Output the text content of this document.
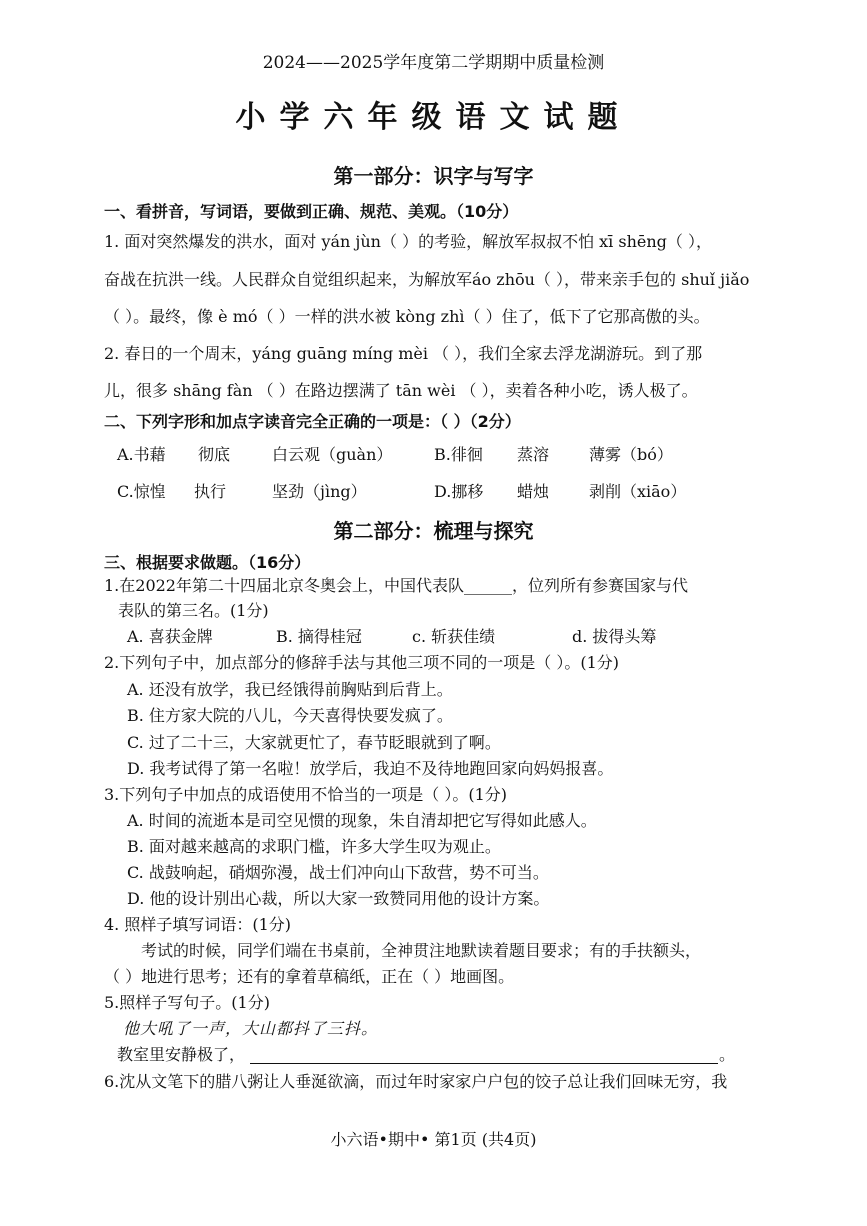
2024——2025学年度第二学期期中质量检测
小学六年级语文试题
第一部分：识字与写字
一、看拼音，写词语，要做到正确、规范、美观。（10分）
1. 面对突然爆发的洪水，面对 yán jùn（ ）的考验，解放军叔叔不怕 xī shēng（ ），
奋战在抗洪一线。人民群众自觉组织起来，为解放军áo zhōu（ ），带来亲手包的 shuǐ jiǎo
（ ）。最终，像 è mó（ ）一样的洪水被 kòng zhì（ ）住了，低下了它那高傲的头。
2. 春日的一个周末，yáng guāng míng mèi （ ），我们全家去浮龙湖游玩。到了那
儿，很多 shāng fàn （ ）在路边摆满了 tān wèi （ ），卖着各种小吃，诱人极了。
二、下列字形和加点字读音完全正确的一项是：（ ）（2分）
A.书藉 彻底	白云观（guàn）	B.徘徊 蒸溶 薄雾（bó）
C.惊惶 执行	坚劲（jìng）	D.挪移 蜡烛 剥削（xiāo）
第二部分：梳理与探究
三、根据要求做题。（16分）
1.在2022年第二十四届北京冬奥会上，中国代表队______，位列所有参赛国家与代
表队的第三名。(1分)
A. 喜获金牌	B. 摘得桂冠	c. 斩获佳绩	d. 拔得头筹
2.下列句子中，加点部分的修辞手法与其他三项不同的一项是（ ）。(1分)
A. 还没有放学，我已经饿得前胸贴到后背上。
B. 住方家大院的八儿，今天喜得快要发疯了。
C. 过了二十三，大家就更忙了，春节眨眼就到了啊。
D. 我考试得了第一名啦！放学后，我迫不及待地跑回家向妈妈报喜。
3.下列句子中加点的成语使用不恰当的一项是（ ）。(1分)
A. 时间的流逝本是司空见惯的现象，朱自清却把它写得如此感人。
B. 面对越来越高的求职门槛，许多大学生叹为观止。
C. 战鼓响起，硝烟弥漫，战士们冲向山下敌营，势不可当。
D. 他的设计别出心裁，所以大家一致赞同用他的设计方案。
4. 照样子填写词语：(1分)
考试的时候，同学们端在书桌前，全神贯注地默读着题目要求；有的手扶额头，
（ ）地进行思考；还有的拿着草稿纸，正在（ ）地画图。
5.照样子写句子。(1分)
他大吼了一声，大山都抖了三抖。
教室里安静极了，	。
6.沈从文笔下的腊八粥让人垂涎欲滴，而过年时家家户户包的饺子总让我们回味无穷，我
小六语•期中• 第1页 (共4页)
